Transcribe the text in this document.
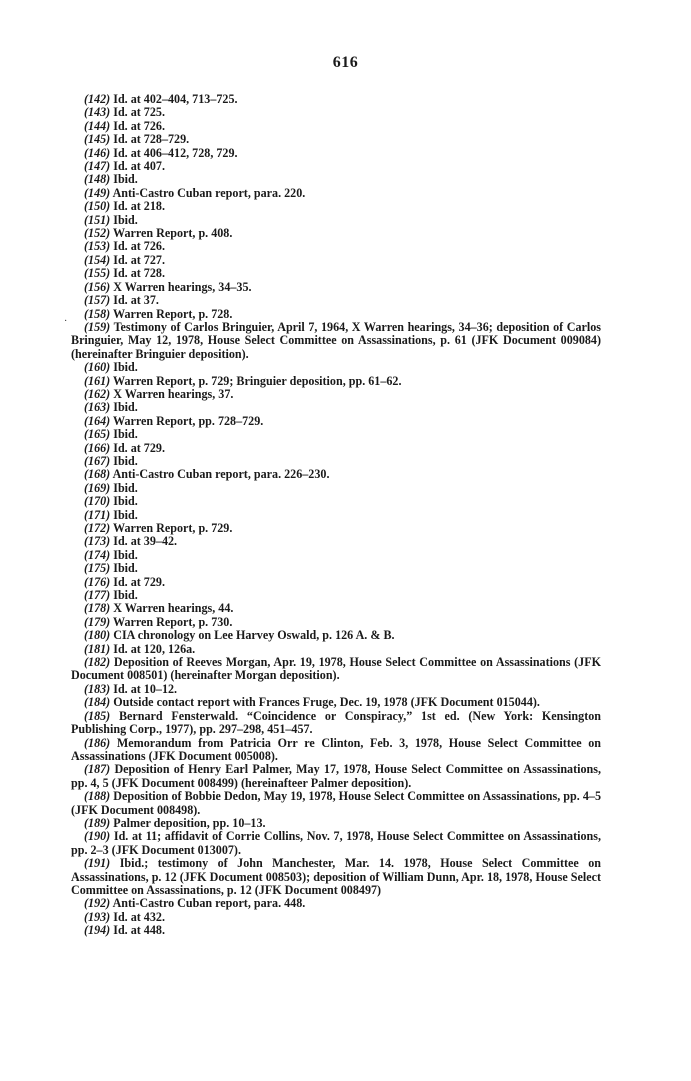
616
·

(142) Id. at 402–404, 713–725.

(143) Id. at 725.

(144) Id. at 726.

(145) Id. at 728–729.

(146) Id. at 406–412, 728, 729.

(147) Id. at 407.

(148) Ibid.

(149) Anti-Castro Cuban report, para. 220.

(150) Id. at 218.

(151) Ibid.

(152) Warren Report, p. 408.

(153) Id. at 726.

(154) Id. at 727.

(155) Id. at 728.

(156) X Warren hearings, 34–35.

(157) Id. at 37.

(158) Warren Report, p. 728.

(159) Testimony of Carlos Bringuier, April 7, 1964, X Warren hearings, 34–36; deposition of Carlos Bringuier, May 12, 1978, House Select Committee on Assassinations, p. 61 (JFK Document 009084) (hereinafter Bringuier deposition).

(160) Ibid.

(161) Warren Report, p. 729; Bringuier deposition, pp. 61–62.

(162) X Warren hearings, 37.

(163) Ibid.

(164) Warren Report, pp. 728–729.

(165) Ibid.

(166) Id. at 729.

(167) Ibid.

(168) Anti-Castro Cuban report, para. 226–230.

(169) Ibid.

(170) Ibid.

(171) Ibid.

(172) Warren Report, p. 729.

(173) Id. at 39–42.

(174) Ibid.

(175) Ibid.

(176) Id. at 729.

(177) Ibid.

(178) X Warren hearings, 44.

(179) Warren Report, p. 730.

(180) CIA chronology on Lee Harvey Oswald, p. 126 A. & B.

(181) Id. at 120, 126a.

(182) Deposition of Reeves Morgan, Apr. 19, 1978, House Select Committee on Assassinations (JFK Document 008501) (hereinafter Morgan deposition).

(183) Id. at 10–12.

(184) Outside contact report with Frances Fruge, Dec. 19, 1978 (JFK Document 015044).

(185) Bernard Fensterwald. “Coincidence or Conspiracy,” 1st ed. (New York: Kensington Publishing Corp., 1977), pp. 297–298, 451–457.

(186) Memorandum from Patricia Orr re Clinton, Feb. 3, 1978, House Select Committee on Assassinations (JFK Document 005008).

(187) Deposition of Henry Earl Palmer, May 17, 1978, House Select Committee on Assassinations, pp. 4, 5 (JFK Document 008499) (hereinafteer Palmer deposition).

(188) Deposition of Bobbie Dedon, May 19, 1978, House Select Committee on Assassinations, pp. 4–5 (JFK Document 008498).

(189) Palmer deposition, pp. 10–13.

(190) Id. at 11; affidavit of Corrie Collins, Nov. 7, 1978, House Select Committee on Assassinations, pp. 2–3 (JFK Document 013007).

(191) Ibid.; testimony of John Manchester, Mar. 14. 1978, House Select Committee on Assassinations, p. 12 (JFK Document 008503); deposition of William Dunn, Apr. 18, 1978, House Select Committee on Assassinations, p. 12 (JFK Document 008497)

(192) Anti-Castro Cuban report, para. 448.

(193) Id. at 432.

(194) Id. at 448.
